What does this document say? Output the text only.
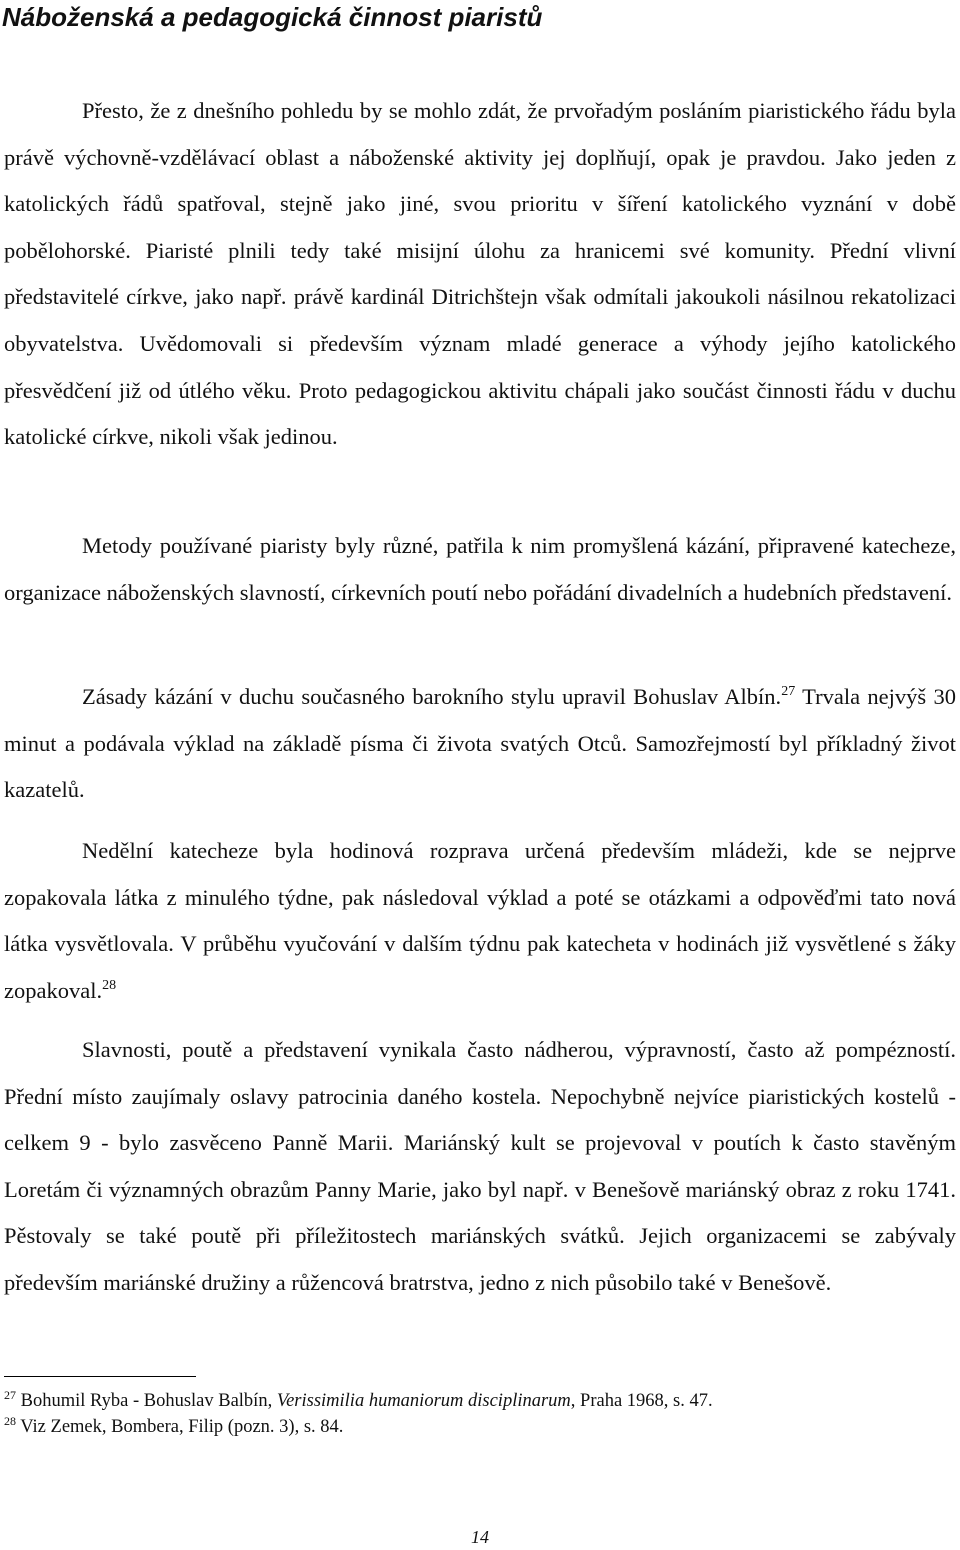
Náboženská a pedagogická činnost piaristů

Přesto, že z dnešního pohledu by se mohlo zdát, že prvořadým posláním piaristického řádu byla právě výchovně-vzdělávací oblast a náboženské aktivity jej doplňují, opak je pravdou. Jako jeden z katolických řádů spatřoval, stejně jako jiné, svou prioritu v šíření katolického vyznání v době pobělohorské. Piaristé plnili tedy také misijní úlohu za hranicemi své komunity. Přední vlivní představitelé církve, jako např. právě kardinál Ditrichštejn však odmítali jakoukoli násilnou rekatolizaci obyvatelstva. Uvědomovali si především význam mladé generace a výhody jejího katolického přesvědčení již od útlého věku. Proto pedagogickou aktivitu chápali jako součást činnosti řádu v duchu katolické církve, nikoli však jedinou.

Metody používané piaristy byly různé, patřila k nim promyšlená kázání, připravené katecheze, organizace náboženských slavností, církevních poutí nebo pořádání divadelních a hudebních představení.

Zásady kázání v duchu současného barokního stylu upravil Bohuslav Albín.$^{27}$ Trvala nejvýš 30 minut a podávala výklad na základě písma či života svatých Otců. Samozřejmostí byl příkladný život kazatelů.

Nedělní katecheze byla hodinová rozprava určená především mládeži, kde se nejprve zopakovala látka z minulého týdne, pak následoval výklad a poté se otázkami a odpověďmi tato nová látka vysvětlovala. V průběhu vyučování v dalším týdnu pak katecheta v hodinách již vysvětlené s žáky zopakoval.$^{28}$

Slavnosti, poutě a představení vynikala často nádherou, výpravností, často až pompézností. Přední místo zaujímaly oslavy patrocinia daného kostela. Nepochybně nejvíce piaristických kostelů - celkem 9 - bylo zasvěceno Panně Marii. Mariánský kult se projevoval v poutích k často stavěným Loretám či významných obrazům Panny Marie, jako byl např. v Benešově mariánský obraz z roku 1741. Pěstovaly se také poutě při příležitostech mariánských svátků. Jejich organizacemi se zabývaly především mariánské družiny a růžencová bratrstva, jedno z nich působilo také v Benešově.

$^{27}$ Bohumil Ryba - Bohuslav Balbín, Verissimilia humaniorum disciplinarum, Praha 1968, s. 47.
$^{28}$ Viz Zemek, Bombera, Filip (pozn. 3), s. 84.
14
